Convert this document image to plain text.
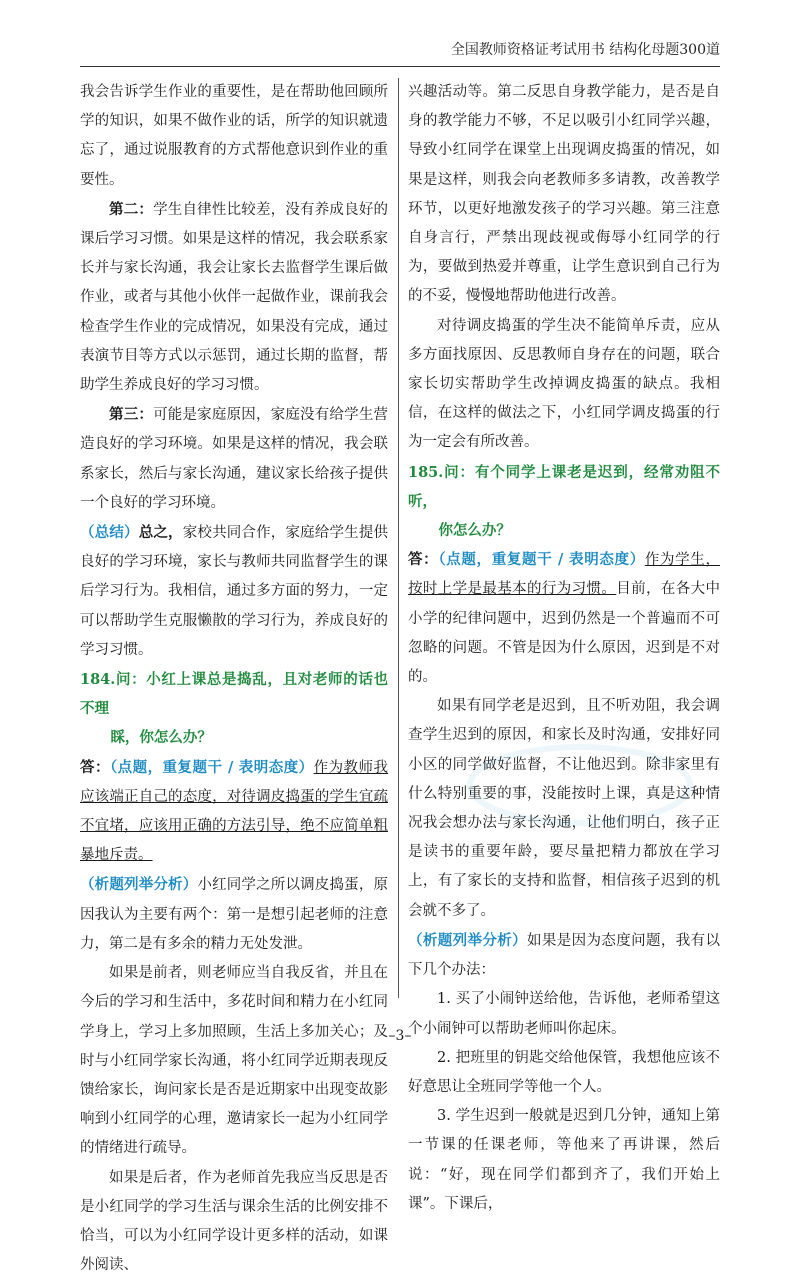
全国教师资格证考试用书 结构化母题300道

我会告诉学生作业的重要性，是在帮助他回顾所学的知识，如果不做作业的话，所学的知识就遗忘了，通过说服教育的方式帮他意识到作业的重要性。

第二：学生自律性比较差，没有养成良好的课后学习习惯。如果是这样的情况，我会联系家长并与家长沟通，我会让家长去监督学生课后做作业，或者与其他小伙伴一起做作业，课前我会检查学生作业的完成情况，如果没有完成，通过表演节目等方式以示惩罚，通过长期的监督，帮助学生养成良好的学习习惯。

第三：可能是家庭原因，家庭没有给学生营造良好的学习环境。如果是这样的情况，我会联系家长，然后与家长沟通，建议家长给孩子提供一个良好的学习环境。

（总结）总之，家校共同合作，家庭给学生提供良好的学习环境，家长与教师共同监督学生的课后学习行为。我相信，通过多方面的努力，一定可以帮助学生克服懒散的学习行为，养成良好的学习习惯。

184.问：小红上课总是捣乱，且对老师的话也不理

睬，你怎么办？

答：（点题，重复题干 / 表明态度）作为教师我应该端正自己的态度，对待调皮捣蛋的学生宜疏不宜堵，应该用正确的方法引导，绝不应简单粗暴地斥责。

（析题列举分析）小红同学之所以调皮捣蛋，原因我认为主要有两个：第一是想引起老师的注意力，第二是有多余的精力无处发泄。

如果是前者，则老师应当自我反省，并且在今后的学习和生活中，多花时间和精力在小红同学身上，学习上多加照顾，生活上多加关心；及时与小红同学家长沟通，将小红同学近期表现反馈给家长，询问家长是否是近期家中出现变故影响到小红同学的心理，邀请家长一起为小红同学的情绪进行疏导。

如果是后者，作为老师首先我应当反思是否是小红同学的学习生活与课余生活的比例安排不恰当，可以为小红同学设计更多样的活动，如课外阅读、

兴趣活动等。第二反思自身教学能力，是否是自身的教学能力不够，不足以吸引小红同学兴趣，导致小红同学在课堂上出现调皮捣蛋的情况，如果是这样，则我会向老教师多多请教，改善教学环节，以更好地激发孩子的学习兴趣。第三注意自身言行，严禁出现歧视或侮辱小红同学的行为，要做到热爱并尊重，让学生意识到自己行为的不妥，慢慢地帮助他进行改善。

对待调皮捣蛋的学生决不能简单斥责，应从多方面找原因、反思教师自身存在的问题，联合家长切实帮助学生改掉调皮捣蛋的缺点。我相信，在这样的做法之下，小红同学调皮捣蛋的行为一定会有所改善。

185.问：有个同学上课老是迟到，经常劝阻不听，

你怎么办？

答：（点题，重复题干 / 表明态度）作为学生，按时上学是最基本的行为习惯。目前，在各大中小学的纪律问题中，迟到仍然是一个普遍而不可忽略的问题。不管是因为什么原因，迟到是不对的。

如果有同学老是迟到，且不听劝阻，我会调查学生迟到的原因，和家长及时沟通，安排好同小区的同学做好监督，不让他迟到。除非家里有什么特别重要的事，没能按时上课，真是这种情况我会想办法与家长沟通，让他们明白，孩子正是读书的重要年龄，要尽量把精力都放在学习上，有了家长的支持和监督，相信孩子迟到的机会就不多了。

（析题列举分析）如果是因为态度问题，我有以下几个办法：

1. 买了小闹钟送给他，告诉他，老师希望这个小闹钟可以帮助老师叫你起床。

2. 把班里的钥匙交给他保管，我想他应该不好意思让全班同学等他一个人。

3. 学生迟到一般就是迟到几分钟，通知上第一节课的任课老师，等他来了再讲课，然后说：“好，现在同学们都到齐了，我们开始上课”。下课后，

–3–
